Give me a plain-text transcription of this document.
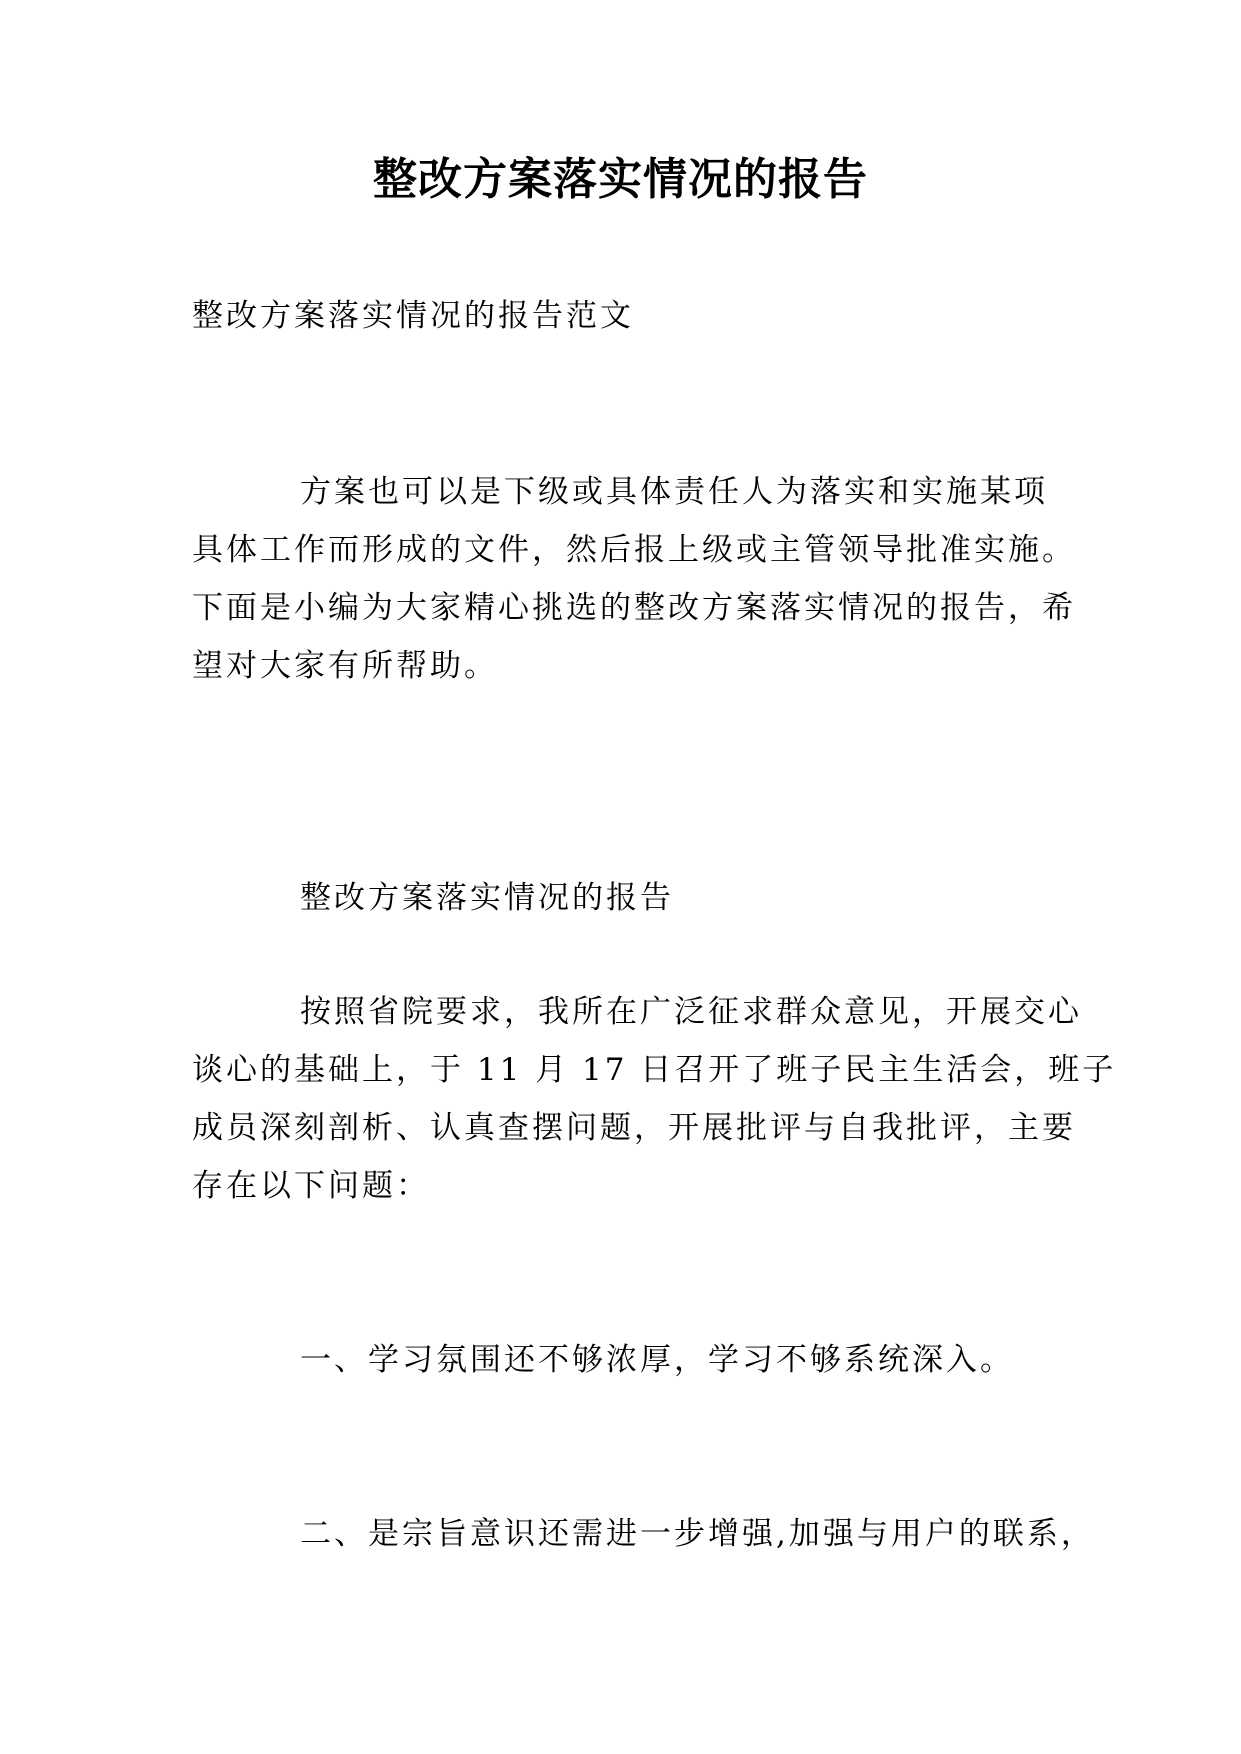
整改方案落实情况的报告

整改方案落实情况的报告范文

方案也可以是下级或具体责任人为落实和实施某项

具体工作而形成的文件，然后报上级或主管领导批准实施。

下面是小编为大家精心挑选的整改方案落实情况的报告，希

望对大家有所帮助。

整改方案落实情况的报告

按照省院要求，我所在广泛征求群众意见，开展交心

谈心的基础上，于 11 月 17 日召开了班子民主生活会，班子

成员深刻剖析、认真查摆问题，开展批评与自我批评，主要

存在以下问题：

一、学习氛围还不够浓厚，学习不够系统深入。

二、是宗旨意识还需进一步增强,加强与用户的联系，
